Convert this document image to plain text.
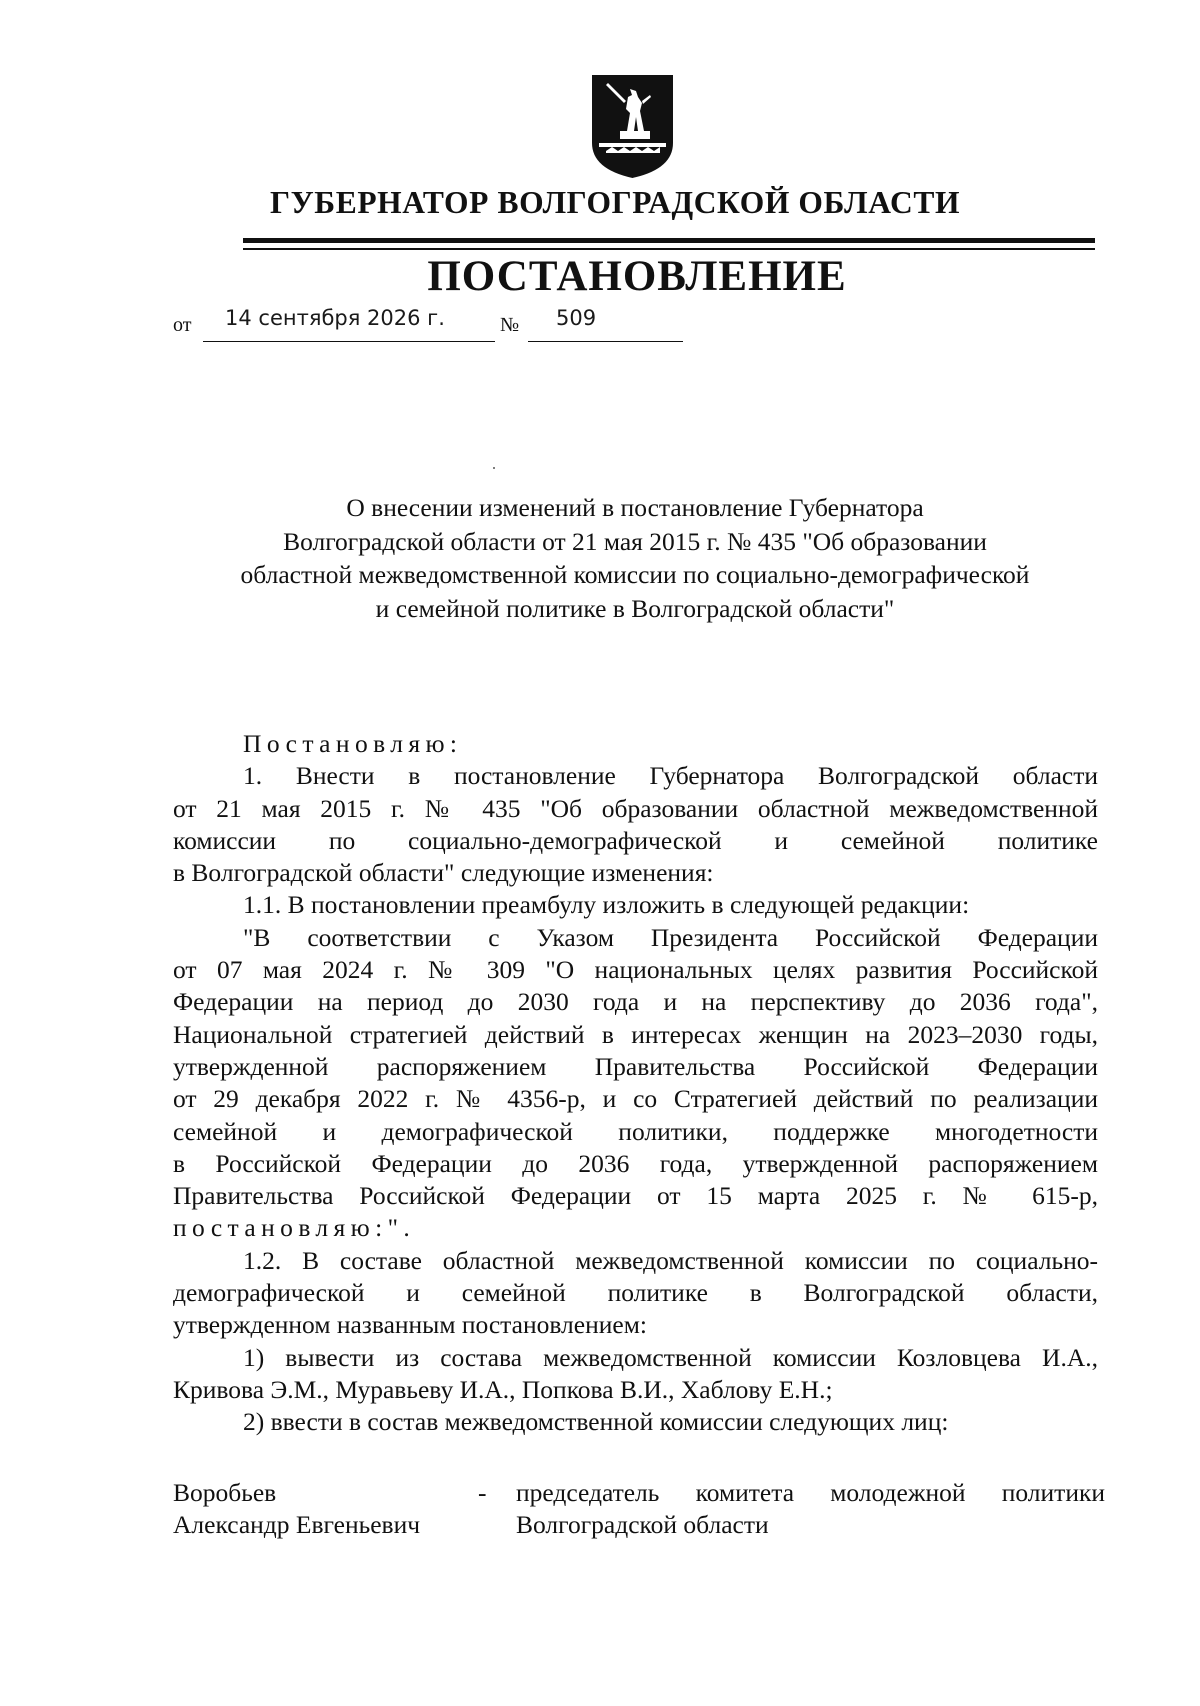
ГУБЕРНАТОР ВОЛГОГРАДСКОЙ ОБЛАСТИ
ПОСТАНОВЛЕНИЕ
от 14 сентября 2026 г.	№ 509
О внесении изменений в постановление Губернатора
Волгоградской области от 21 мая 2015 г. № 435 "Об образовании
областной межведомственной комиссии по социально-демографической
и семейной политике в Волгоградской области"
Постановляю:
1. Внести в постановление Губернатора Волгоградской области
от 21 мая 2015 г. № 435 "Об образовании областной межведомственной
комиссии по социально-демографической и семейной политике
в Волгоградской области" следующие изменения:
1.1. В постановлении преамбулу изложить в следующей редакции:
"В соответствии с Указом Президента Российской Федерации
от 07 мая 2024 г. № 309 "О национальных целях развития Российской
Федерации на период до 2030 года и на перспективу до 2036 года",
Национальной стратегией действий в интересах женщин на 2023–2030 годы,
утвержденной распоряжением Правительства Российской Федерации
от 29 декабря 2022 г. № 4356-р, и со Стратегией действий по реализации
семейной и демографической политики, поддержке многодетности
в Российской Федерации до 2036 года, утвержденной распоряжением
Правительства Российской Федерации от 15 марта 2025 г. № 615-р,
постановляю:".
1.2. В составе областной межведомственной комиссии по социально-
демографической и семейной политике в Волгоградской области,
утвержденном названным постановлением:
1) вывести из состава межведомственной комиссии Козловцева И.А.,
Кривова Э.М., Муравьеву И.А., Попкова В.И., Хаблову Е.Н.;
2) ввести в состав межведомственной комиссии следующих лиц:
Воробьев
Александр Евгеньевич
- председатель комитета молодежной политики Волгоградской области
